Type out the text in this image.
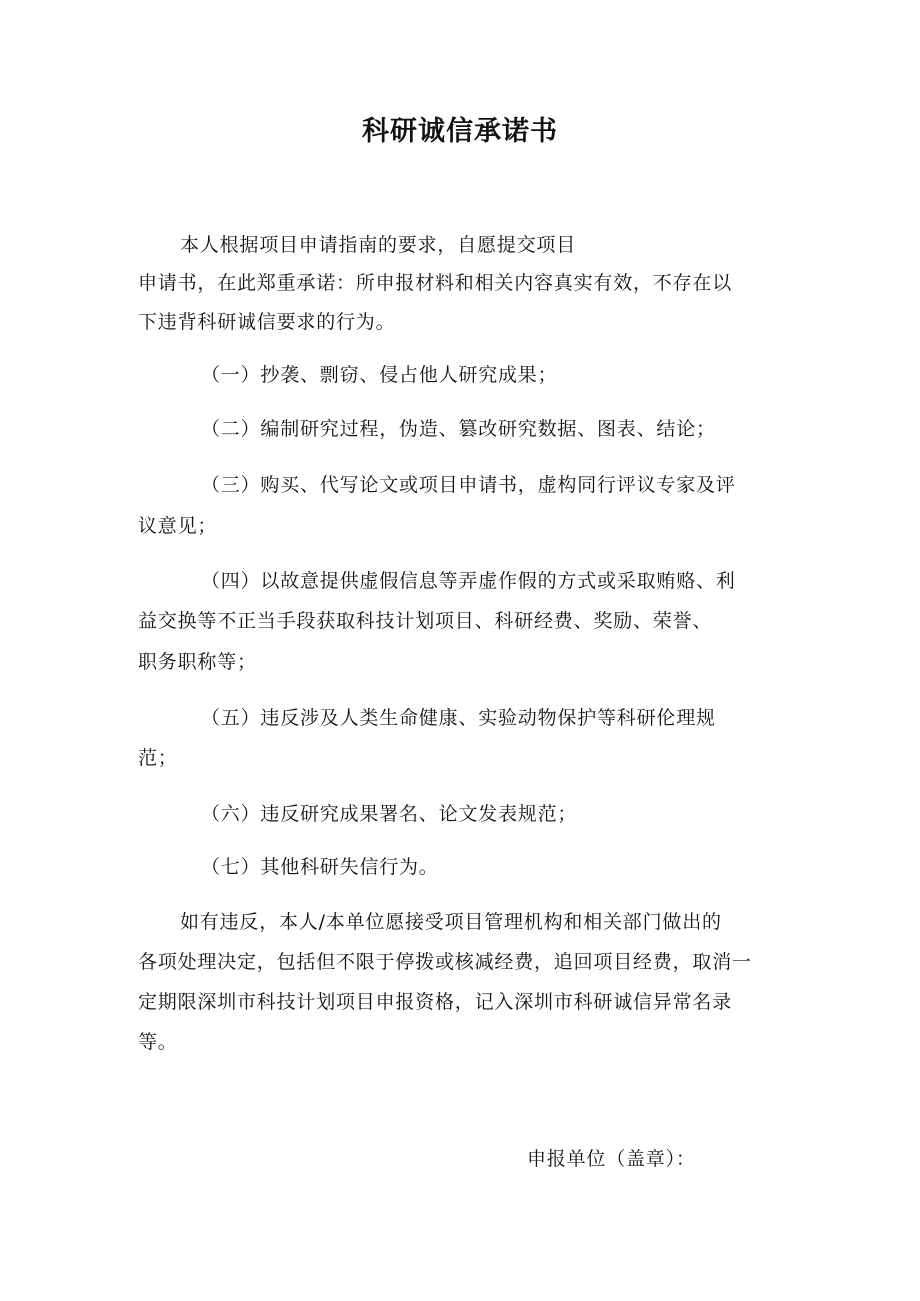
科研诚信承诺书
本人根据项目申请指南的要求，自愿提交项目
申请书，在此郑重承诺：所申报材料和相关内容真实有效，不存在以
下违背科研诚信要求的行为。
（一）抄袭、剽窃、侵占他人研究成果；
（二）编制研究过程，伪造、篡改研究数据、图表、结论；
（三）购买、代写论文或项目申请书，虚构同行评议专家及评
议意见；
（四）以故意提供虚假信息等弄虚作假的方式或采取贿赂、利
益交换等不正当手段获取科技计划项目、科研经费、奖励、荣誉、
职务职称等；
（五）违反涉及人类生命健康、实验动物保护等科研伦理规
范；
（六）违反研究成果署名、论文发表规范；
（七）其他科研失信行为。
如有违反，本人/本单位愿接受项目管理机构和相关部门做出的
各项处理决定，包括但不限于停拨或核减经费，追回项目经费，取消一
定期限深圳市科技计划项目申报资格，记入深圳市科研诚信异常名录
等。
申报单位（盖章）：
